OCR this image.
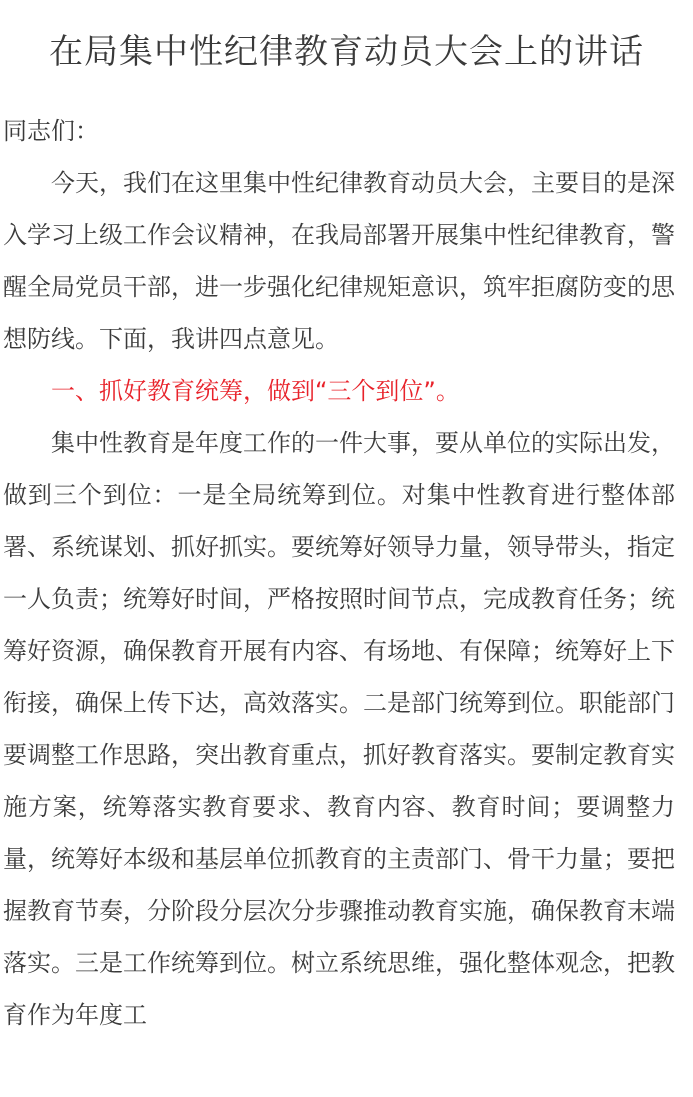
在局集中性纪律教育动员大会上的讲话

同志们：

今天，我们在这里集中性纪律教育动员大会，主要目的是深入学习上级工作会议精神，在我局部署开展集中性纪律教育，警醒全局党员干部，进一步强化纪律规矩意识，筑牢拒腐防变的思想防线。下面，我讲四点意见。

一、抓好教育统筹，做到“三个到位”。

集中性教育是年度工作的一件大事，要从单位的实际出发，做到三个到位：一是全局统筹到位。对集中性教育进行整体部署、系统谋划、抓好抓实。要统筹好领导力量，领导带头，指定一人负责；统筹好时间，严格按照时间节点，完成教育任务；统筹好资源，确保教育开展有内容、有场地、有保障；统筹好上下衔接，确保上传下达，高效落实。二是部门统筹到位。职能部门要调整工作思路，突出教育重点，抓好教育落实。要制定教育实施方案，统筹落实教育要求、教育内容、教育时间；要调整力量，统筹好本级和基层单位抓教育的主责部门、骨干力量；要把握教育节奏，分阶段分层次分步骤推动教育实施，确保教育末端落实。三是工作统筹到位。树立系统思维，强化整体观念，把教育作为年度工
